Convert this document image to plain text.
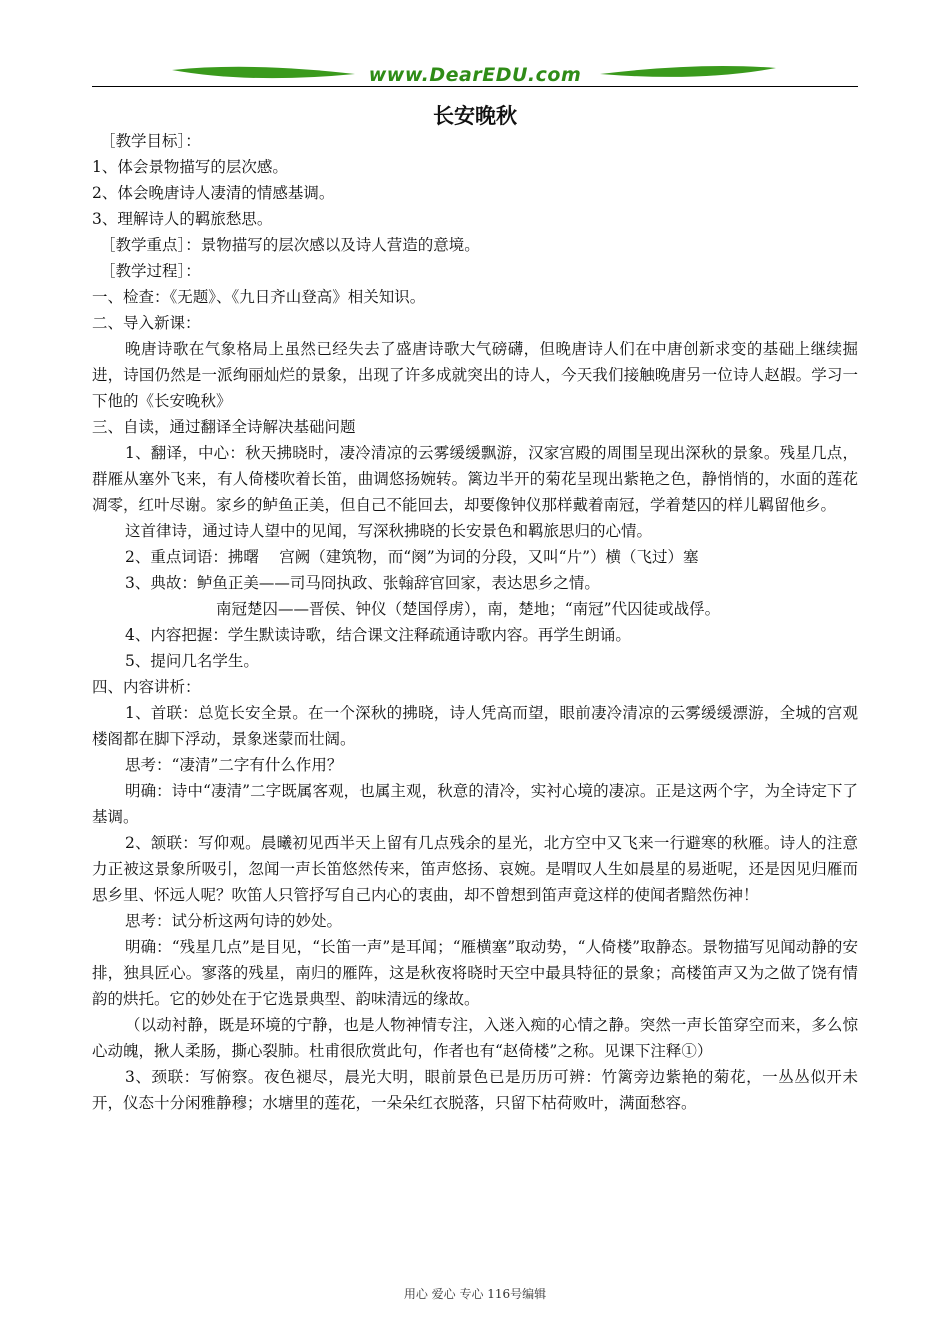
www.DearEDU.com
长安晚秋

［教学目标］：

1、体会景物描写的层次感。

2、体会晚唐诗人凄清的情感基调。

3、理解诗人的羁旅愁思。

［教学重点］：景物描写的层次感以及诗人营造的意境。

［教学过程］：

一、检查：《无题》、《九日齐山登高》相关知识。

二、导入新课：

晚唐诗歌在气象格局上虽然已经失去了盛唐诗歌大气磅礴，但晚唐诗人们在中唐创新求变的基础上继续掘进，诗国仍然是一派绚丽灿烂的景象，出现了许多成就突出的诗人，今天我们接触晚唐另一位诗人赵嘏。学习一下他的《长安晚秋》

三、自读，通过翻译全诗解决基础问题

1、翻译，中心：秋天拂晓时，凄冷清凉的云雾缓缓飘游，汉家宫殿的周围呈现出深秋的景象。残星几点，群雁从塞外飞来，有人倚楼吹着长笛，曲调悠扬婉转。篱边半开的菊花呈现出紫艳之色，静悄悄的，水面的莲花凋零，红叶尽谢。家乡的鲈鱼正美，但自己不能回去，却要像钟仪那样戴着南冠，学着楚囚的样儿羁留他乡。

这首律诗，通过诗人望中的见闻，写深秋拂晓的长安景色和羁旅思归的心情。

2、重点词语：拂曙　 宫阙（建筑物，而“阕”为词的分段，又叫“片”）横（飞过）塞

3、典故：鲈鱼正美——司马冏执政、张翰辞官回家，表达思乡之情。

南冠楚囚——晋侯、钟仪（楚国俘虏），南，楚地；“南冠”代囚徒或战俘。

4、内容把握：学生默读诗歌，结合课文注释疏通诗歌内容。再学生朗诵。

5、提问几名学生。

四、内容讲析：

1、首联：总览长安全景。在一个深秋的拂晓，诗人凭高而望，眼前凄冷清凉的云雾缓缓漂游，全城的宫观楼阁都在脚下浮动，景象迷蒙而壮阔。

思考：“凄清”二字有什么作用？

明确：诗中“凄清”二字既属客观，也属主观，秋意的清冷，实衬心境的凄凉。正是这两个字，为全诗定下了基调。

2、颔联：写仰观。晨曦初见西半天上留有几点残余的星光，北方空中又飞来一行避寒的秋雁。诗人的注意力正被这景象所吸引，忽闻一声长笛悠然传来，笛声悠扬、哀婉。是喟叹人生如晨星的易逝呢，还是因见归雁而思乡里、怀远人呢？吹笛人只管抒写自己内心的衷曲，却不曾想到笛声竟这样的使闻者黯然伤神！

思考：试分析这两句诗的妙处。

明确：“残星几点”是目见，“长笛一声”是耳闻；“雁横塞”取动势，“人倚楼”取静态。景物描写见闻动静的安排，独具匠心。寥落的残星，南归的雁阵，这是秋夜将晓时天空中最具特征的景象；高楼笛声又为之做了饶有情韵的烘托。它的妙处在于它选景典型、韵味清远的缘故。

（以动衬静，既是环境的宁静，也是人物神情专注，入迷入痴的心情之静。突然一声长笛穿空而来，多么惊心动魄，揪人柔肠，撕心裂肺。杜甫很欣赏此句，作者也有“赵倚楼”之称。见课下注释①）

3、颈联：写俯察。夜色褪尽，晨光大明，眼前景色已是历历可辨：竹篱旁边紫艳的菊花，一丛丛似开未开，仪态十分闲雅静穆；水塘里的莲花，一朵朵红衣脱落，只留下枯荷败叶，满面愁容。

用心 爱心 专心 116号编辑
